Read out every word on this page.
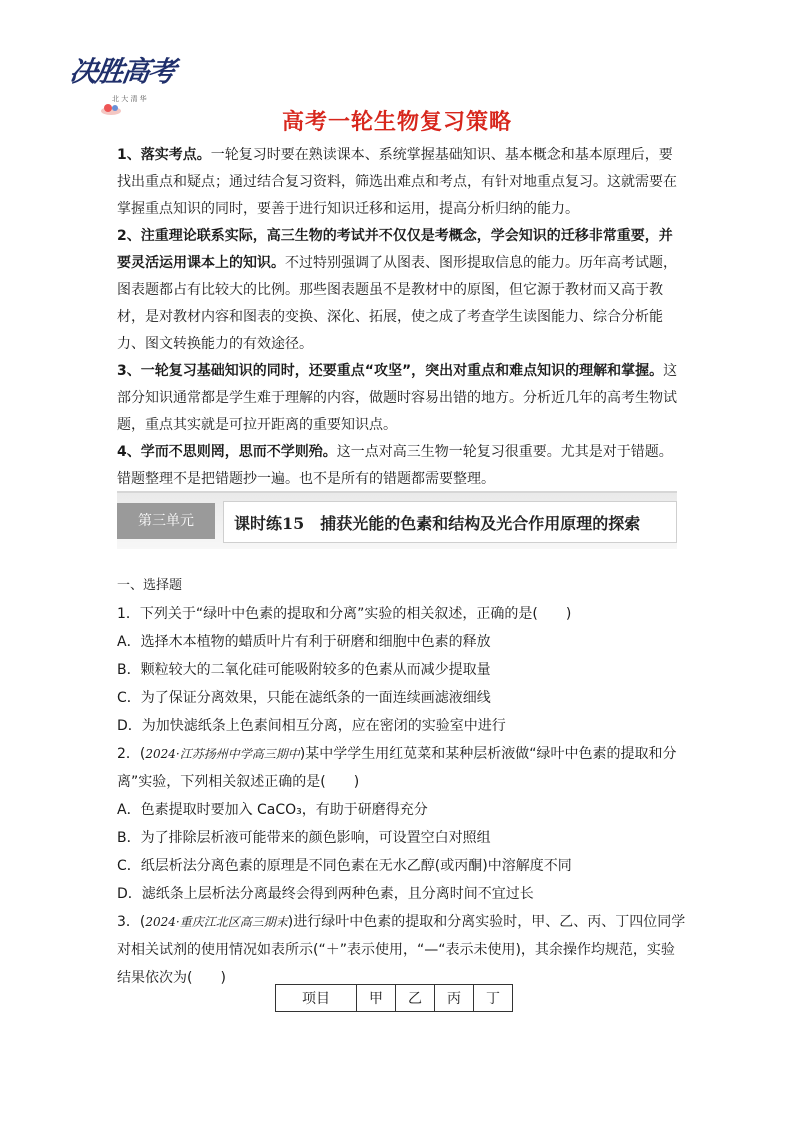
决胜高考
北 大 清 华
高考一轮生物复习策略

1、落实考点。一轮复习时要在熟读课本、系统掌握基础知识、基本概念和基本原理后，要找出重点和疑点；通过结合复习资料，筛选出难点和考点，有针对地重点复习。这就需要在掌握重点知识的同时，要善于进行知识迁移和运用，提高分析归纳的能力。

2、注重理论联系实际，高三生物的考试并不仅仅是考概念，学会知识的迁移非常重要，并要灵活运用课本上的知识。不过特别强调了从图表、图形提取信息的能力。历年高考试题，图表题都占有比较大的比例。那些图表题虽不是教材中的原图，但它源于教材而又高于教材，是对教材内容和图表的变换、深化、拓展，使之成了考查学生读图能力、综合分析能力、图文转换能力的有效途径。

3、一轮复习基础知识的同时，还要重点“攻坚”，突出对重点和难点知识的理解和掌握。这部分知识通常都是学生难于理解的内容，做题时容易出错的地方。分析近几年的高考生物试题，重点其实就是可拉开距离的重要知识点。

4、学而不思则罔，思而不学则殆。这一点对高三生物一轮复习很重要。尤其是对于错题。错题整理不是把错题抄一遍。也不是所有的错题都需要整理。

第三单元	课时练15　捕获光能的色素和结构及光合作用原理的探索

一、选择题

1．下列关于“绿叶中色素的提取和分离”实验的相关叙述，正确的是(　　)

A．选择木本植物的蜡质叶片有利于研磨和细胞中色素的释放

B．颗粒较大的二氧化硅可能吸附较多的色素从而减少提取量

C．为了保证分离效果，只能在滤纸条的一面连续画滤液细线

D．为加快滤纸条上色素间相互分离，应在密闭的实验室中进行

2．(2024·江苏扬州中学高三期中)某中学学生用红苋菜和某种层析液做“绿叶中色素的提取和分离”实验，下列相关叙述正确的是(　　)

A．色素提取时要加入 CaCO₃，有助于研磨得充分

B．为了排除层析液可能带来的颜色影响，可设置空白对照组

C．纸层析法分离色素的原理是不同色素在无水乙醇(或丙酮)中溶解度不同

D．滤纸条上层析法分离最终会得到两种色素，且分离时间不宜过长

3．(2024·重庆江北区高三期末)进行绿叶中色素的提取和分离实验时，甲、乙、丙、丁四位同学对相关试剂的使用情况如表所示(“＋”表示使用，“—“表示未使用)，其余操作均规范，实验结果依次为(　　)

项目	甲	乙	丙	丁
